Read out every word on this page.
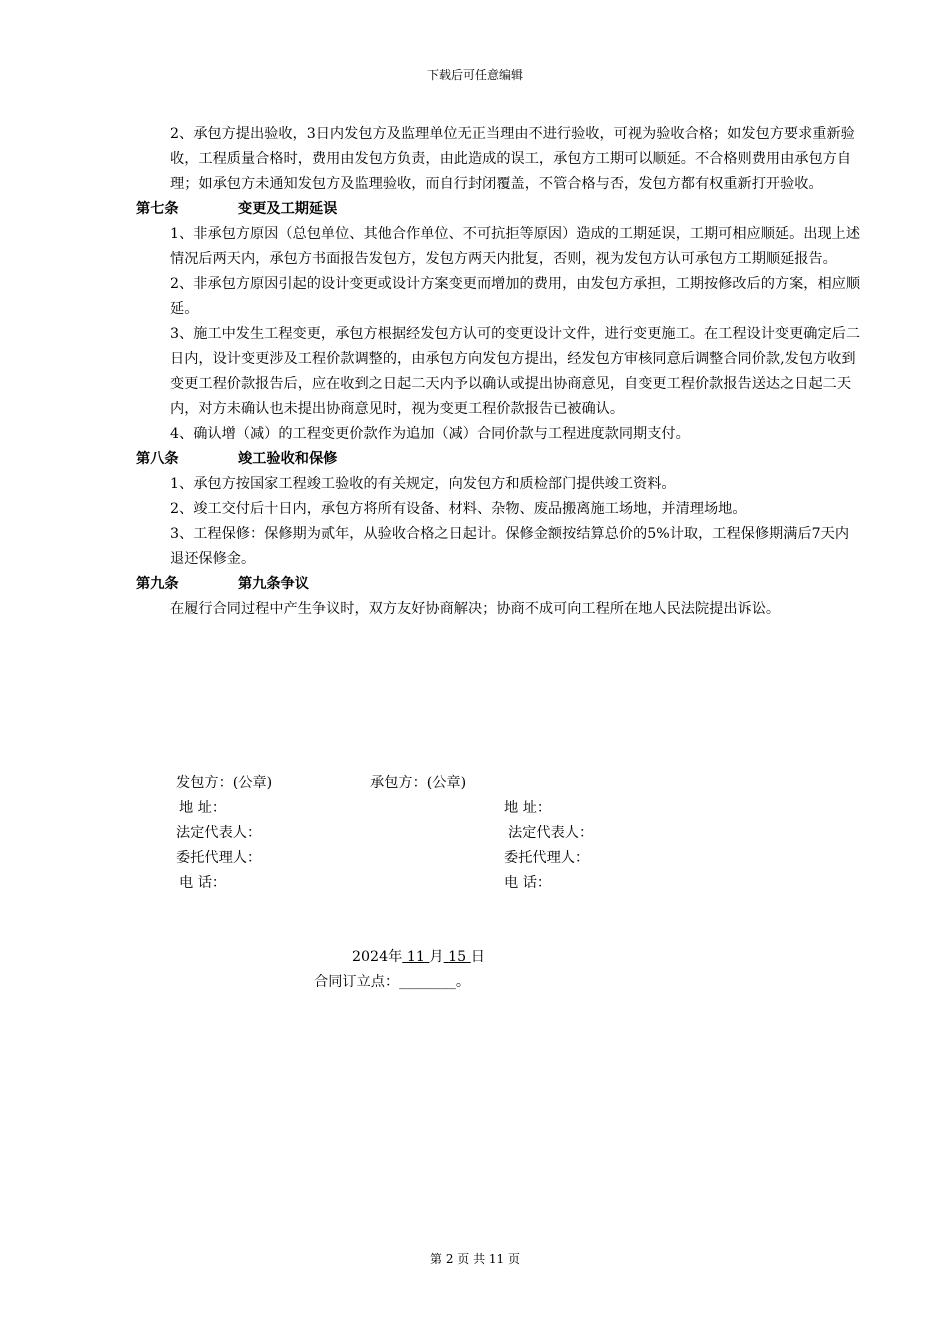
下载后可任意编辑

2、承包方提出验收，3日内发包方及监理单位无正当理由不进行验收，可视为验收合格；如发包方要求重新验收，工程质量合格时，费用由发包方负责，由此造成的误工，承包方工期可以顺延。不合格则费用由承包方自理；如承包方未通知发包方及监理验收，而自行封闭覆盖，不管合格与否，发包方都有权重新打开验收。

第七条	变更及工期延误

1、非承包方原因（总包单位、其他合作单位、不可抗拒等原因）造成的工期延误，工期可相应顺延。出现上述情况后两天内，承包方书面报告发包方，发包方两天内批复，否则，视为发包方认可承包方工期顺延报告。

2、非承包方原因引起的设计变更或设计方案变更而增加的费用，由发包方承担，工期按修改后的方案，相应顺延。

3、施工中发生工程变更，承包方根据经发包方认可的变更设计文件，进行变更施工。在工程设计变更确定后二日内，设计变更涉及工程价款调整的，由承包方向发包方提出，经发包方审核同意后调整合同价款,发包方收到变更工程价款报告后，应在收到之日起二天内予以确认或提出协商意见，自变更工程价款报告送达之日起二天内，对方未确认也未提出协商意见时，视为变更工程价款报告已被确认。

4、确认增（减）的工程变更价款作为追加（减）合同价款与工程进度款同期支付。

第八条	竣工验收和保修

1、承包方按国家工程竣工验收的有关规定，向发包方和质检部门提供竣工资料。

2、竣工交付后十日内，承包方将所有设备、材料、杂物、废品搬离施工场地，并清理场地。

3、工程保修：保修期为贰年，从验收合格之日起计。保修金额按结算总价的5%计取，工程保修期满后7天内退还保修金。

第九条	第九条争议

在履行合同过程中产生争议时，双方友好协商解决；协商不成可向工程所在地人民法院提出诉讼。

发包方：(公章)	承包方：(公章)
地 址：	地 址：
法定代表人：	法定代表人：
委托代理人：	委托代理人：
电 话：	电 话：
2024年 11 月 15 日
合同订立点：________。
第 2 页 共 11 页
